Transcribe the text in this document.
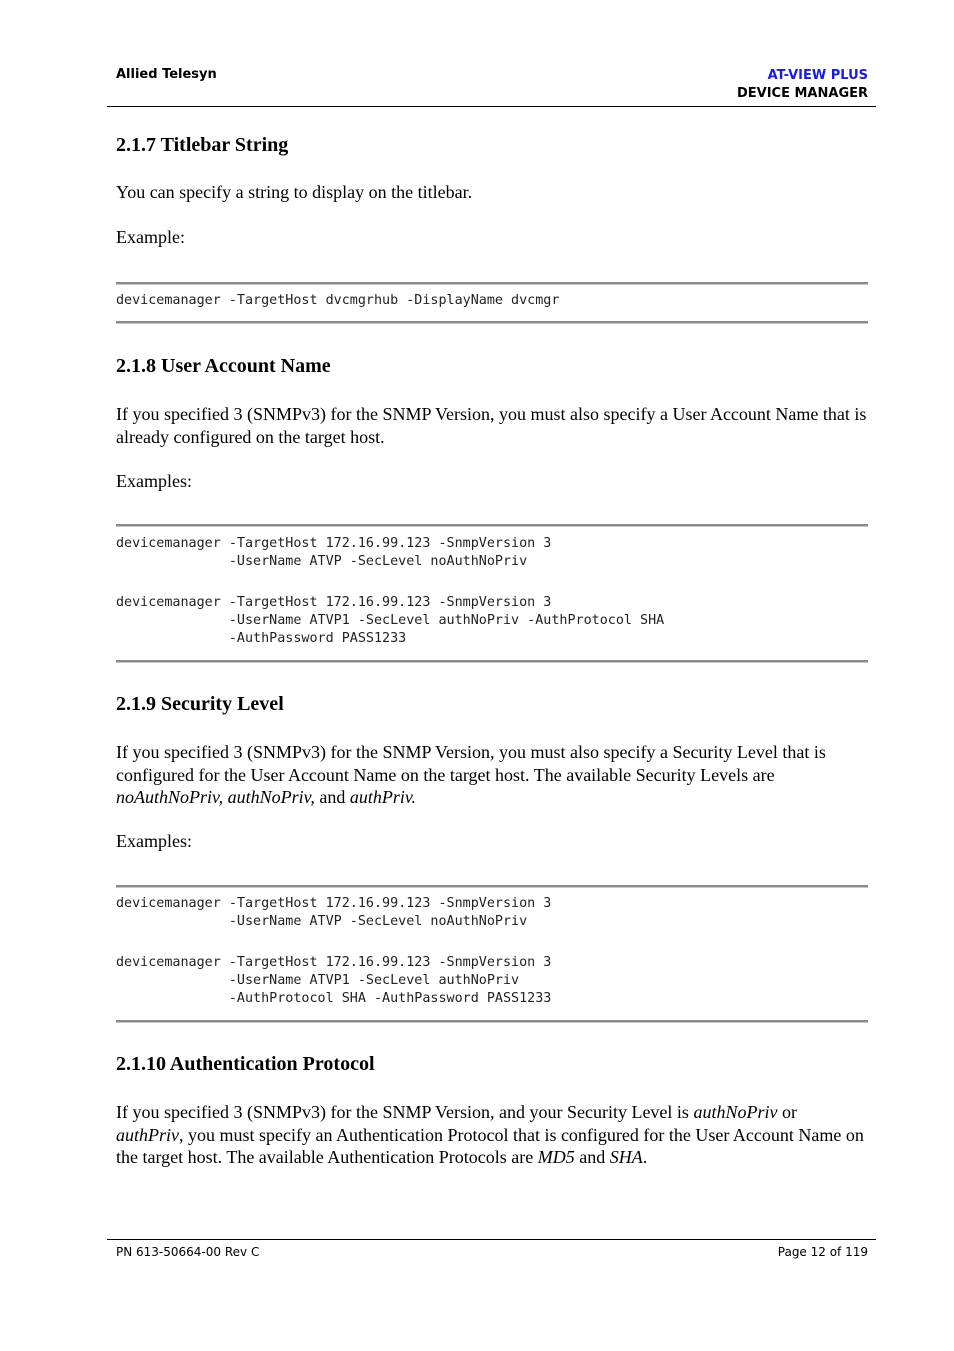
Allied Telesyn	AT-VIEW PLUS
DEVICE MANAGER
2.1.7 Titlebar String
You can specify a string to display on the titlebar.
Example:
devicemanager -TargetHost dvcmgrhub -DisplayName dvcmgr
2.1.8 User Account Name
If you specified 3 (SNMPv3) for the SNMP Version, you must also specify a User Account Name that is already configured on the target host.
Examples:
devicemanager -TargetHost 172.16.99.123 -SnmpVersion 3
-UserName ATVP -SecLevel noAuthNoPriv

devicemanager -TargetHost 172.16.99.123 -SnmpVersion 3
-UserName ATVP1 -SecLevel authNoPriv -AuthProtocol SHA
-AuthPassword PASS1233
2.1.9 Security Level
If you specified 3 (SNMPv3) for the SNMP Version, you must also specify a Security Level that is configured for the User Account Name on the target host. The available Security Levels are noAuthNoPriv, authNoPriv, and authPriv.
Examples:
devicemanager -TargetHost 172.16.99.123 -SnmpVersion 3
-UserName ATVP -SecLevel noAuthNoPriv

devicemanager -TargetHost 172.16.99.123 -SnmpVersion 3
-UserName ATVP1 -SecLevel authNoPriv
-AuthProtocol SHA -AuthPassword PASS1233
2.1.10 Authentication Protocol
If you specified 3 (SNMPv3) for the SNMP Version, and your Security Level is authNoPriv or authPriv, you must specify an Authentication Protocol that is configured for the User Account Name on the target host. The available Authentication Protocols are MD5 and SHA.
PN 613-50664-00 Rev C	Page 12 of 119
